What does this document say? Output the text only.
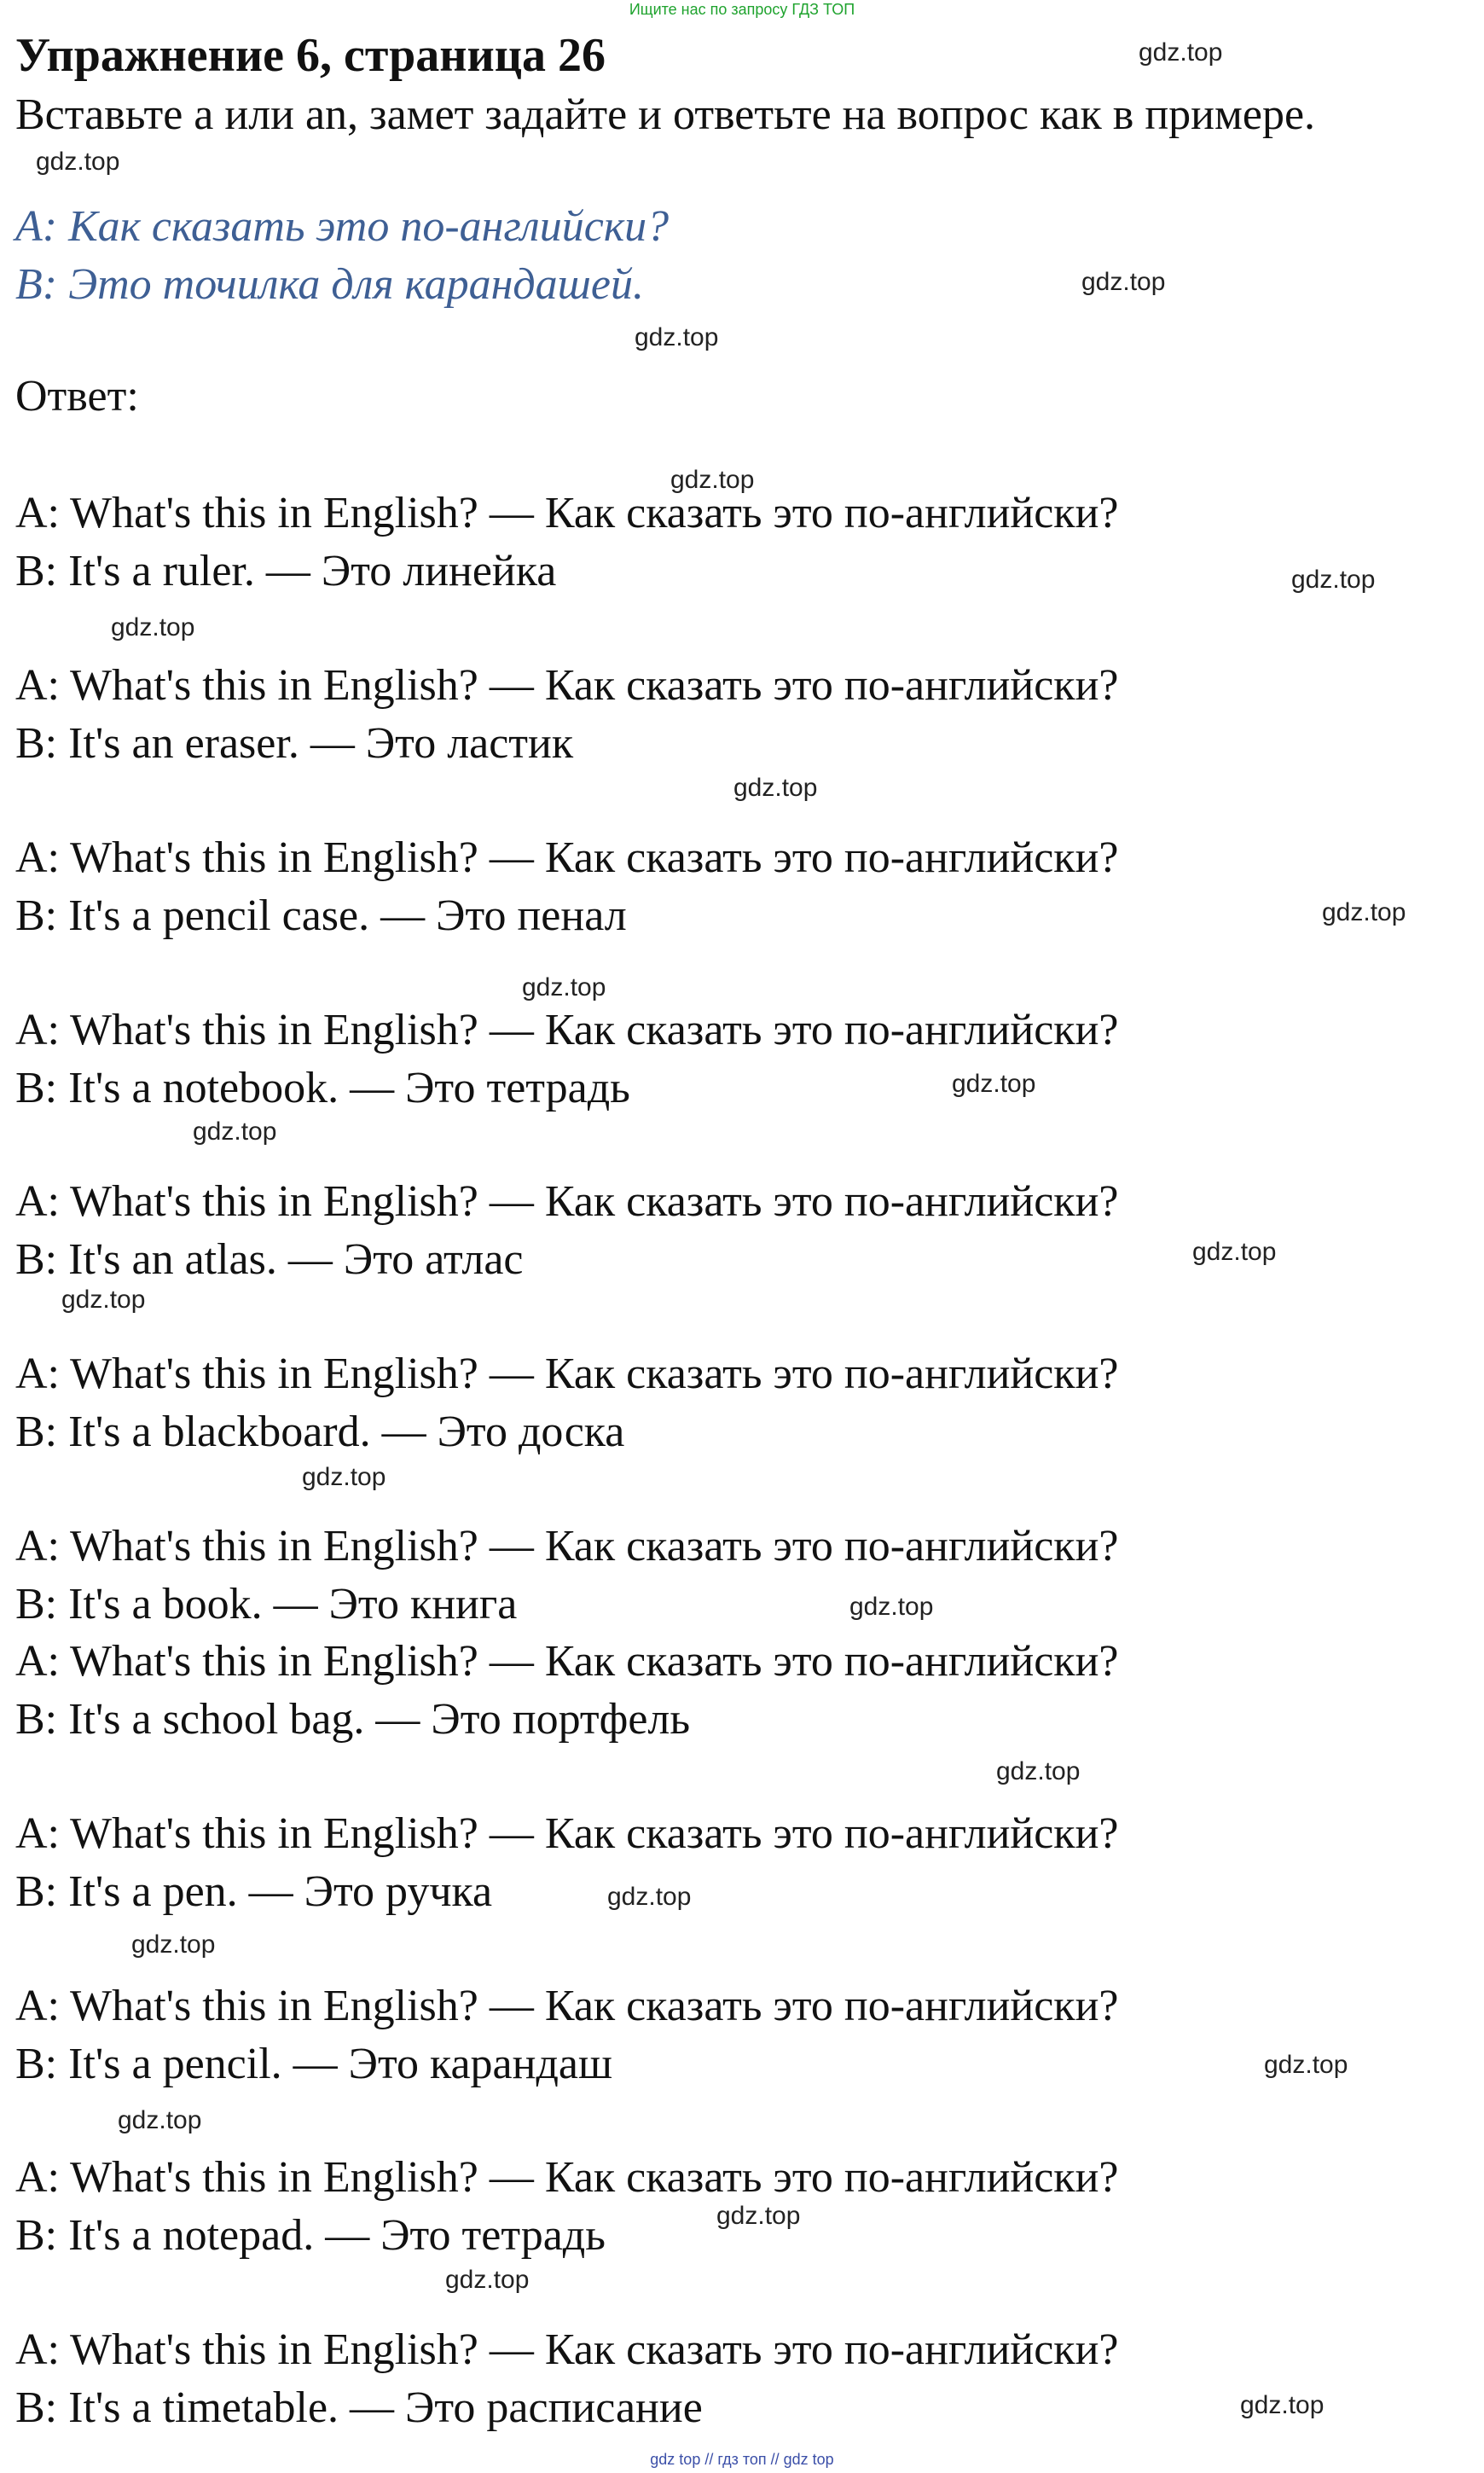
Ищите нас по запросу ГДЗ ТОП
Упражнение 6, страница 26
Вставьте a или an, замет задайте и ответьте на вопрос как в примере.
A: Как сказать это по-английски?
B: Это точилка для карандашей.
Ответ:
A: What's this in English? — Как сказать это по-английски?
B: It's a ruler. — Это линейка
A: What's this in English? — Как сказать это по-английски?
B: It's an eraser. — Это ластик
A: What's this in English? — Как сказать это по-английски?
B: It's a pencil case. — Это пенал
A: What's this in English? — Как сказать это по-английски?
B: It's a notebook. — Это тетрадь
A: What's this in English? — Как сказать это по-английски?
B: It's an atlas. — Это атлас
A: What's this in English? — Как сказать это по-английски?
B: It's a blackboard. — Это доска
A: What's this in English? — Как сказать это по-английски?
B: It's a book. — Это книга
A: What's this in English? — Как сказать это по-английски?
B: It's a school bag. — Это портфель
A: What's this in English? — Как сказать это по-английски?
B: It's a pen. — Это ручка
A: What's this in English? — Как сказать это по-английски?
B: It's a pencil. — Это карандаш
A: What's this in English? — Как сказать это по-английски?
B: It's a notepad. — Это тетрадь
A: What's this in English? — Как сказать это по-английски?
B: It's a timetable. — Это расписание
gdz.top
gdz.top
gdz.top
gdz.top
gdz.top
gdz.top
gdz.top
gdz.top
gdz.top
gdz.top
gdz.top
gdz.top
gdz.top
gdz.top
gdz.top
gdz.top
gdz.top
gdz.top
gdz.top
gdz.top
gdz.top
gdz.top
gdz.top
gdz.top
gdz top // гдз топ // gdz top
